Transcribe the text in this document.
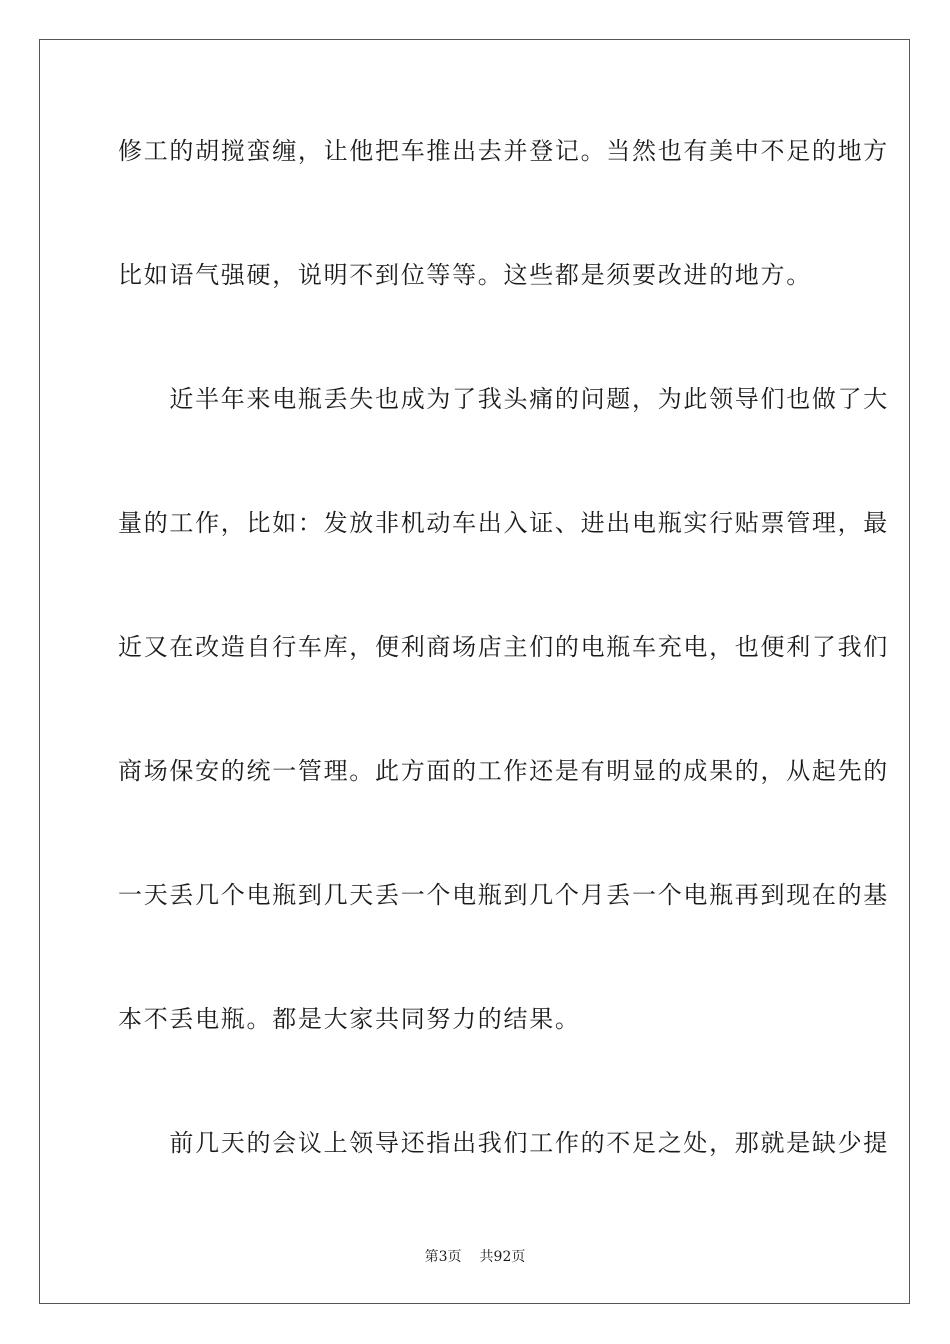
修工的胡搅蛮缠，让他把车推出去并登记。当然也有美中不足的地方
比如语气强硬，说明不到位等等。这些都是须要改进的地方。
　　近半年来电瓶丢失也成为了我头痛的问题，为此领导们也做了大
量的工作，比如：发放非机动车出入证、进出电瓶实行贴票管理，最
近又在改造自行车库，便利商场店主们的电瓶车充电，也便利了我们
商场保安的统一管理。此方面的工作还是有明显的成果的，从起先的
一天丢几个电瓶到几天丢一个电瓶到几个月丢一个电瓶再到现在的基
本不丢电瓶。都是大家共同努力的结果。
　　前几天的会议上领导还指出我们工作的不足之处，那就是缺少提
第3页 共92页
